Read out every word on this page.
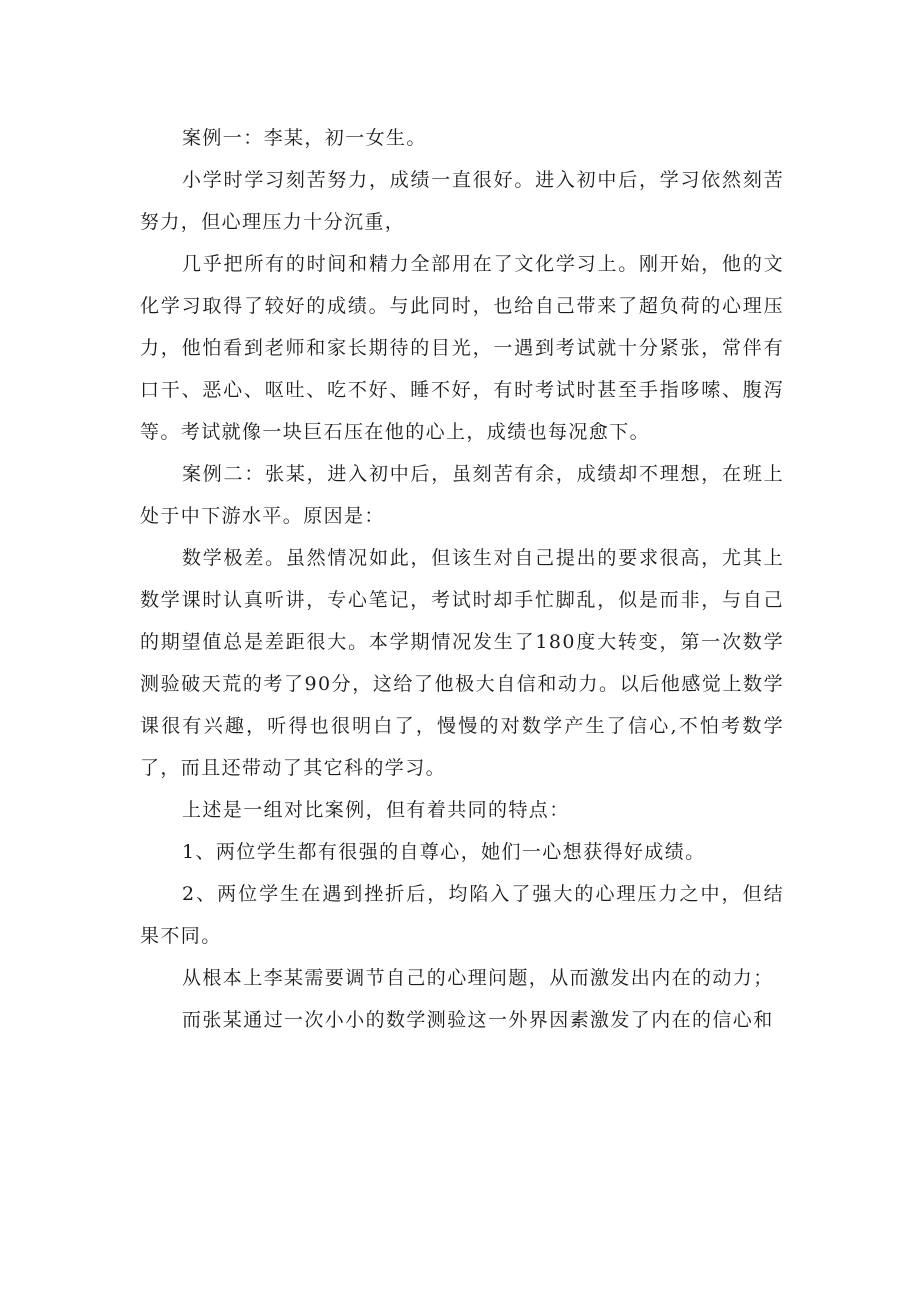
案例一：李某，初一女生。

小学时学习刻苦努力，成绩一直很好。进入初中后，学习依然刻苦努力，但心理压力十分沉重，

几乎把所有的时间和精力全部用在了文化学习上。刚开始，他的文化学习取得了较好的成绩。与此同时，也给自己带来了超负荷的心理压力，他怕看到老师和家长期待的目光，一遇到考试就十分紧张，常伴有口干、恶心、呕吐、吃不好、睡不好，有时考试时甚至手指哆嗦、腹泻等。考试就像一块巨石压在他的心上，成绩也每况愈下。

案例二：张某，进入初中后，虽刻苦有余，成绩却不理想，在班上处于中下游水平。原因是：

数学极差。虽然情况如此，但该生对自己提出的要求很高，尤其上数学课时认真听讲，专心笔记，考试时却手忙脚乱，似是而非，与自己的期望值总是差距很大。本学期情况发生了180度大转变，第一次数学测验破天荒的考了90分，这给了他极大自信和动力。以后他感觉上数学课很有兴趣，听得也很明白了，慢慢的对数学产生了信心,不怕考数学了，而且还带动了其它科的学习。

上述是一组对比案例，但有着共同的特点：

1、两位学生都有很强的自尊心，她们一心想获得好成绩。

2、两位学生在遇到挫折后，均陷入了强大的心理压力之中，但结果不同。

从根本上李某需要调节自己的心理问题，从而激发出内在的动力；

而张某通过一次小小的数学测验这一外界因素激发了内在的信心和
